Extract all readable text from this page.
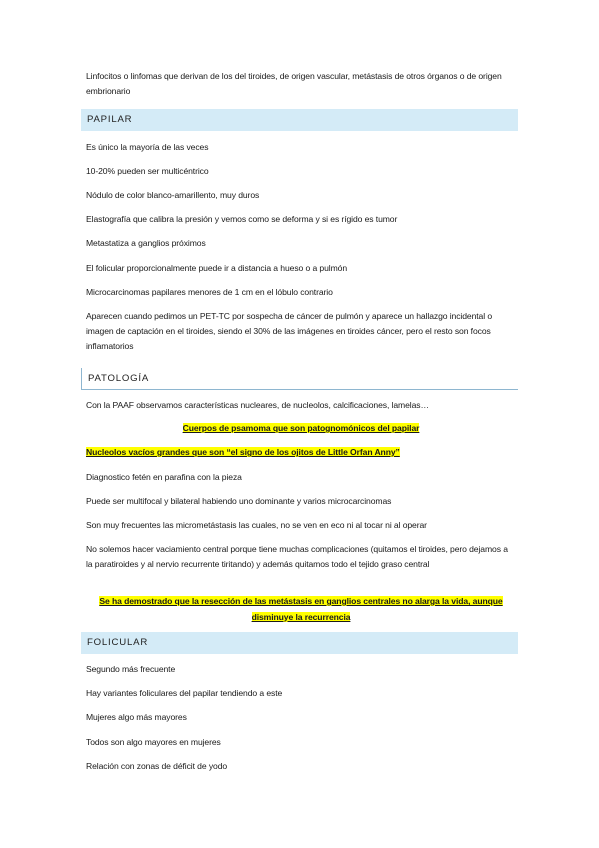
Linfocitos o linfomas que derivan de los del tiroides, de origen vascular, metástasis de otros órganos o de origen embrionario

PAPILAR

Es único la mayoría de las veces

10-20% pueden ser multicéntrico

Nódulo de color blanco-amarillento, muy duros

Elastografía que calibra la presión y vemos como se deforma y si es rígido es tumor

Metastatiza a ganglios próximos

El folicular proporcionalmente puede ir a distancia a hueso o a pulmón

Microcarcinomas papilares menores de 1 cm en el lóbulo contrario

Aparecen cuando pedimos un PET-TC por sospecha de cáncer de pulmón y aparece un hallazgo incidental o imagen de captación en el tiroides, siendo el 30% de las imágenes en tiroides cáncer, pero el resto son focos inflamatorios

PATOLOGÍA

Con la PAAF observamos características nucleares, de nucleolos, calcificaciones, lamelas…

Cuerpos de psamoma que son patognomónicos del papilar

Nucleolos vacíos grandes que son “el signo de los ojitos de Little Orfan Anny”

Diagnostico fetén en parafina con la pieza

Puede ser multifocal y bilateral habiendo uno dominante y varios microcarcinomas

Son muy frecuentes las micrometástasis las cuales, no se ven en eco ni al tocar ni al operar

No solemos hacer vaciamiento central porque tiene muchas complicaciones (quitamos el tiroides, pero dejamos a la paratiroides y al nervio recurrente tiritando) y además quitamos todo el tejido graso central

Se ha demostrado que la resección de las metástasis en ganglios centrales no alarga la vida, aunque disminuye la recurrencia

FOLICULAR

Segundo más frecuente

Hay variantes foliculares del papilar tendiendo a este

Mujeres algo más mayores

Todos son algo mayores en mujeres

Relación con zonas de déficit de yodo
